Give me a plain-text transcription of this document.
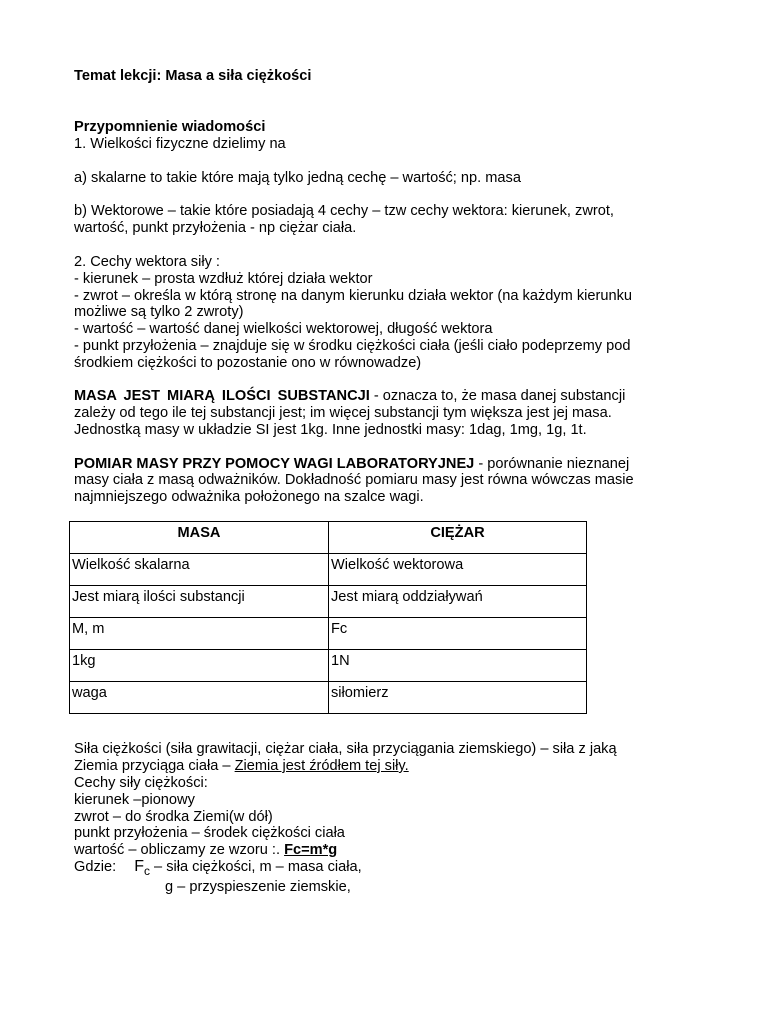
Temat lekcji: Masa a siła ciężkości
Przypomnienie wiadomości
1. Wielkości fizyczne dzielimy na
a) skalarne to takie które mają tylko jedną cechę – wartość; np. masa
b) Wektorowe – takie które posiadają 4 cechy – tzw cechy wektora: kierunek, zwrot,
wartość, punkt przyłożenia - np ciężar ciała.
2. Cechy wektora siły :
- kierunek – prosta wzdłuż której działa wektor
- zwrot – określa w którą stronę na danym kierunku działa wektor (na każdym kierunku
możliwe są tylko 2 zwroty)
- wartość – wartość danej wielkości wektorowej, długość wektora
- punkt przyłożenia – znajduje się w środku ciężkości ciała (jeśli ciało podeprzemy pod
środkiem ciężkości to pozostanie ono w równowadze)
MASA JEST MIARĄ ILOŚCI SUBSTANCJI - oznacza to, że masa danej substancji
zależy od tego ile tej substancji jest; im więcej substancji tym większa jest jej masa.
Jednostką masy w układzie SI jest 1kg. Inne jednostki masy: 1dag, 1mg, 1g, 1t.
POMIAR MASY PRZY POMOCY WAGI LABORATORYJNEJ - porównanie nieznanej
masy ciała z masą odważników. Dokładność pomiaru masy jest równa wówczas masie
najmniejszego odważnika położonego na szalce wagi.
MASA	CIĘŻAR
Wielkość skalarna	Wielkość wektorowa
Jest miarą ilości substancji	Jest miarą oddziaływań
M, m	Fc
1kg	1N
waga	siłomierz
Siła ciężkości (siła grawitacji, ciężar ciała, siła przyciągania ziemskiego) – siła z jaką
Ziemia przyciąga ciała – Ziemia jest źródłem tej siły.
Cechy siły ciężkości:
kierunek –pionowy
zwrot – do środka Ziemi(w dół)
punkt przyłożenia – środek ciężkości ciała
wartość – obliczamy ze wzoru :. Fc=m*g
Gdzie: $F_c$ – siła ciężkości, m – masa ciała,
g – przyspieszenie ziemskie,
